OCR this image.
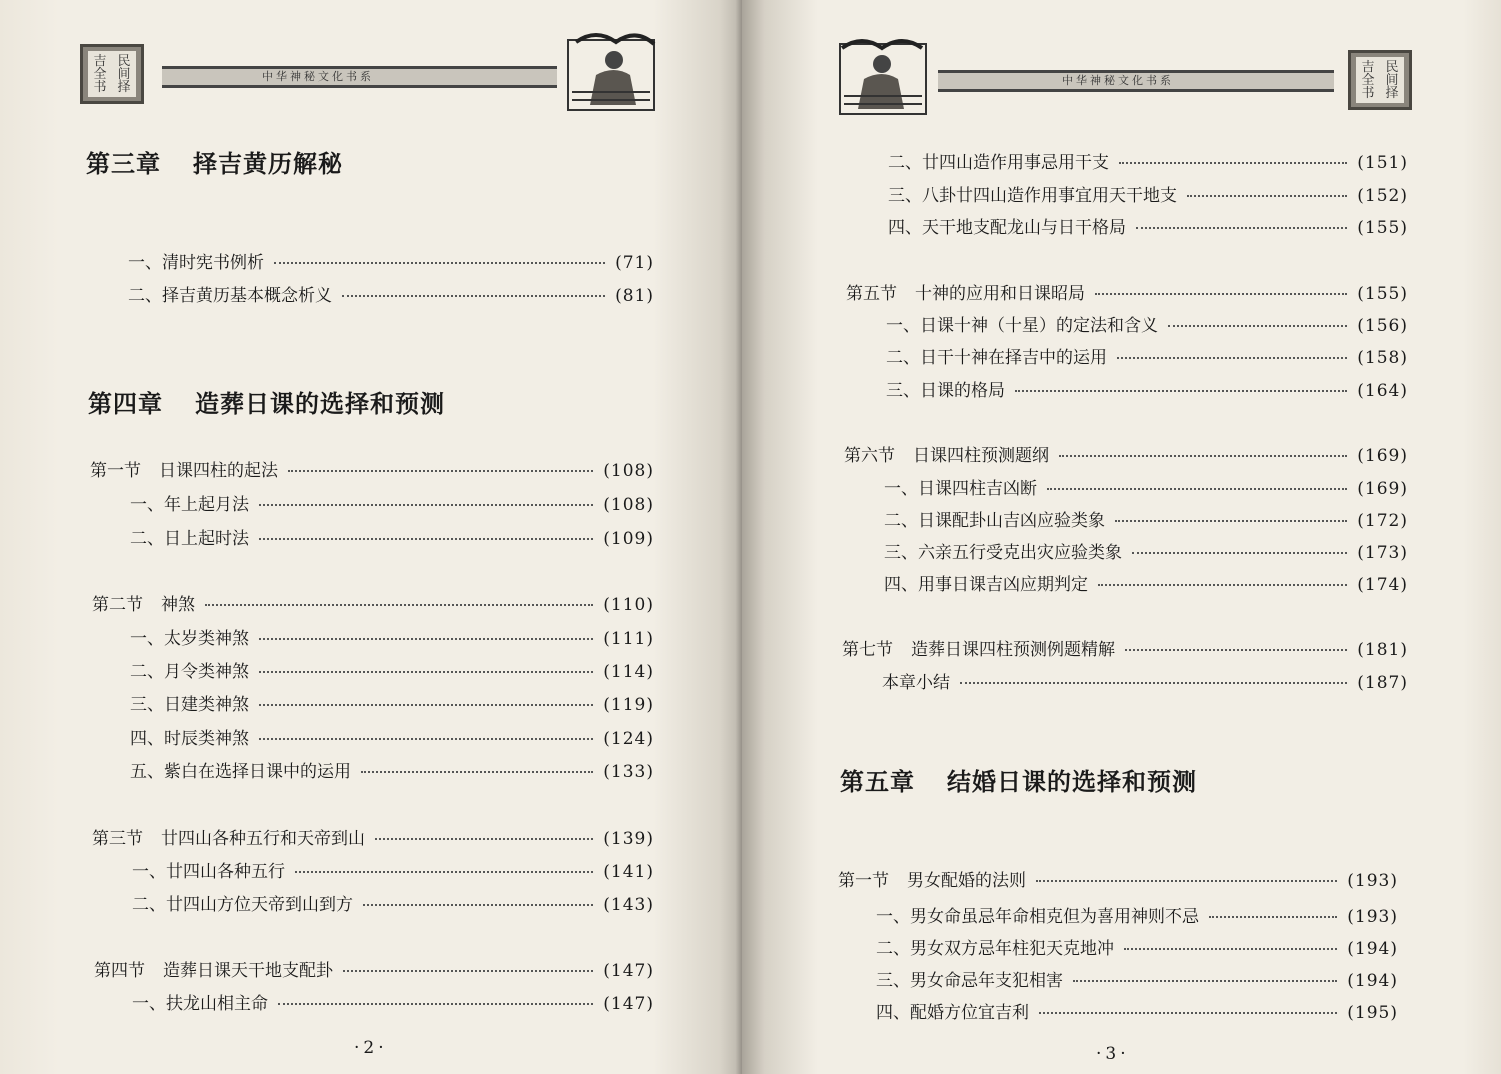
吉 民
全 间
书 择
中华神秘文化书系
第三章 择吉黄历解秘
第四章 造葬日课的选择和预测
一、清时宪书例析	(71)
二、择吉黄历基本概念析义	(81)
第一节 日课四柱的起法	(108)
一、年上起月法	(108)
二、日上起时法	(109)
第二节 神煞	(110)
一、太岁类神煞	(111)
二、月令类神煞	(114)
三、日建类神煞	(119)
四、时辰类神煞	(124)
五、紫白在选择日课中的运用	(133)
第三节 廿四山各种五行和天帝到山	(139)
一、廿四山各种五行	(141)
二、廿四山方位天帝到山到方	(143)
第四节 造葬日课天干地支配卦	(147)
一、扶龙山相主命	(147)
·2·
中华神秘文化书系
吉 民
全 间
书 择
二、廿四山造作用事忌用干支	(151)
三、八卦廿四山造作用事宜用天干地支	(152)
四、天干地支配龙山与日干格局	(155)
第五节 十神的应用和日课昭局	(155)
一、日课十神（十星）的定法和含义	(156)
二、日干十神在择吉中的运用	(158)
三、日课的格局	(164)
第六节 日课四柱预测题纲	(169)
一、日课四柱吉凶断	(169)
二、日课配卦山吉凶应验类象	(172)
三、六亲五行受克出灾应验类象	(173)
四、用事日课吉凶应期判定	(174)
第七节 造葬日课四柱预测例题精解	(181)
本章小结	(187)
第五章 结婚日课的选择和预测
第一节 男女配婚的法则	(193)
一、男女命虽忌年命相克但为喜用神则不忌	(193)
二、男女双方忌年柱犯天克地冲	(194)
三、男女命忌年支犯相害	(194)
四、配婚方位宜吉利	(195)
·3·
